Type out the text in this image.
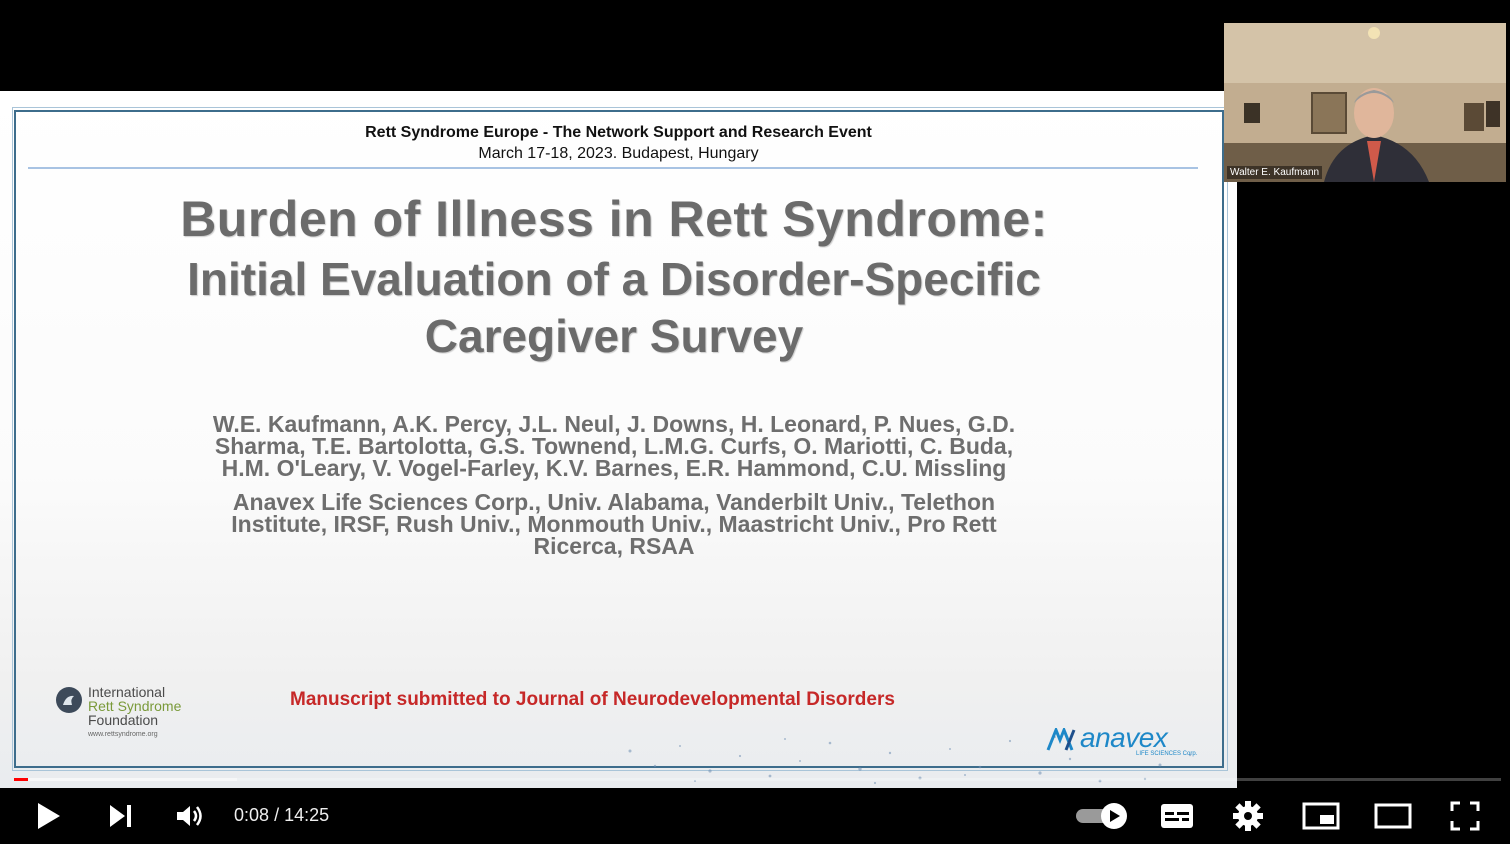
Rett Syndrome Europe - The Network Support and Research Event
March 17-18, 2023. Budapest, Hungary
Burden of Illness in Rett Syndrome:
Initial Evaluation of a Disorder-Specific
Caregiver Survey
W.E. Kaufmann, A.K. Percy, J.L. Neul, J. Downs, H. Leonard, P. Nues, G.D.
Sharma, T.E. Bartolotta, G.S. Townend, L.M.G. Curfs, O. Mariotti, C. Buda,
H.M. O'Leary, V. Vogel-Farley, K.V. Barnes, E.R. Hammond, C.U. Missling
Anavex Life Sciences Corp., Univ. Alabama, Vanderbilt Univ., Telethon
Institute, IRSF, Rush Univ., Monmouth Univ., Maastricht Univ., Pro Rett
Ricerca, RSAA
International
Rett Syndrome
Foundation
www.rettsyndrome.org
Manuscript submitted to Journal of Neurodevelopmental Disorders
anavex
LIFE SCIENCES Corp.
Walter E. Kaufmann
0:08 / 14:25
